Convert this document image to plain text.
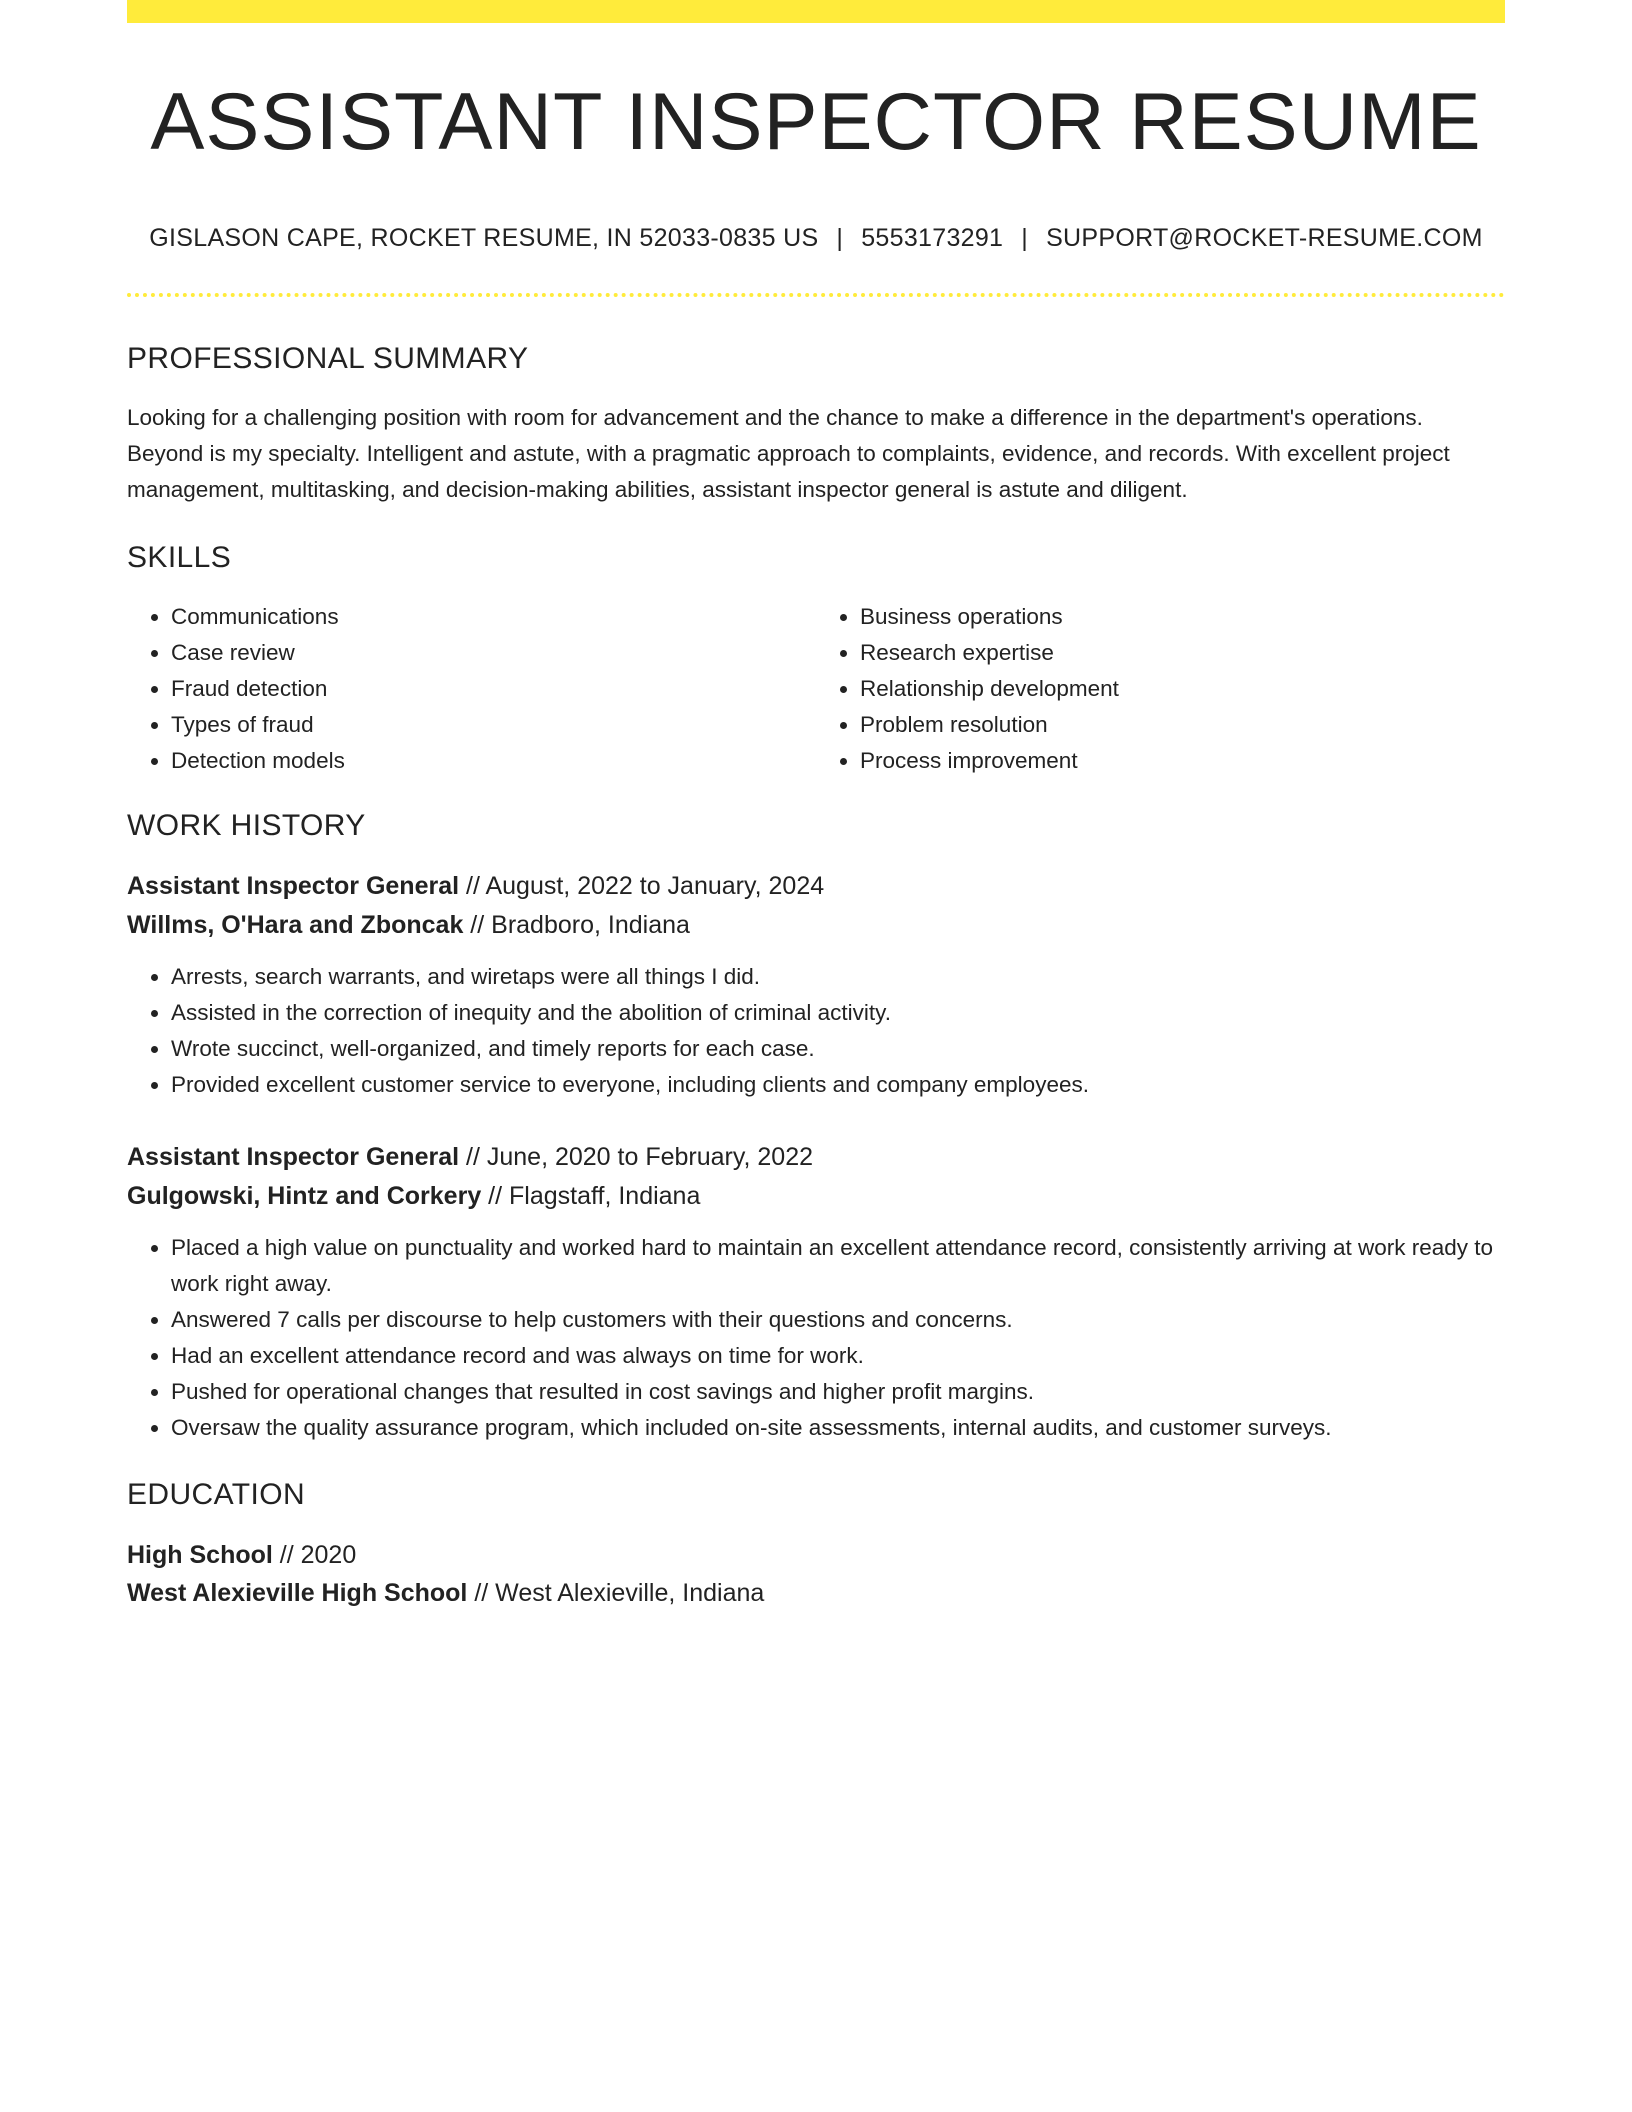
ASSISTANT INSPECTOR RESUME
GISLASON CAPE, ROCKET RESUME, IN 52033-0835 US | 5553173291 | SUPPORT@ROCKET-RESUME.COM
PROFESSIONAL SUMMARY
Looking for a challenging position with room for advancement and the chance to make a difference in the department's operations. Beyond is my specialty. Intelligent and astute, with a pragmatic approach to complaints, evidence, and records. With excellent project management, multitasking, and decision-making abilities, assistant inspector general is astute and diligent.
SKILLS
• Communications
• Case review
• Fraud detection
• Types of fraud
• Detection models
• Business operations
• Research expertise
• Relationship development
• Problem resolution
• Process improvement
WORK HISTORY
Assistant Inspector General // August, 2022 to January, 2024
Willms, O'Hara and Zboncak // Bradboro, Indiana
• Arrests, search warrants, and wiretaps were all things I did.
• Assisted in the correction of inequity and the abolition of criminal activity.
• Wrote succinct, well-organized, and timely reports for each case.
• Provided excellent customer service to everyone, including clients and company employees.
Assistant Inspector General // June, 2020 to February, 2022
Gulgowski, Hintz and Corkery // Flagstaff, Indiana
• Placed a high value on punctuality and worked hard to maintain an excellent attendance record, consistently arriving at work ready to work right away.
• Answered 7 calls per discourse to help customers with their questions and concerns.
• Had an excellent attendance record and was always on time for work.
• Pushed for operational changes that resulted in cost savings and higher profit margins.
• Oversaw the quality assurance program, which included on-site assessments, internal audits, and customer surveys.
EDUCATION
High School // 2020
West Alexieville High School // West Alexieville, Indiana
